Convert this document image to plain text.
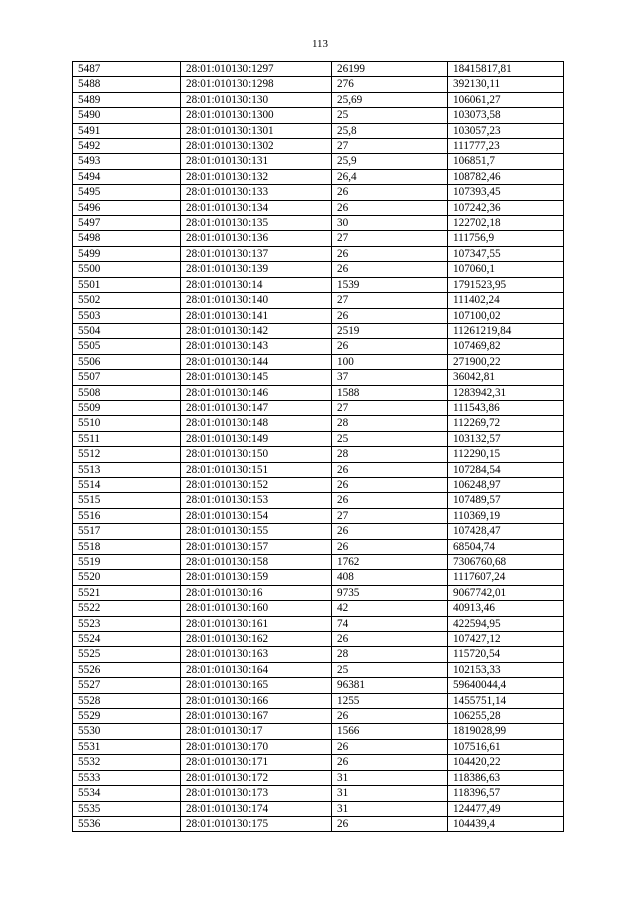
113
5487	28:01:010130:1297	26199	18415817,81
5488	28:01:010130:1298	276	392130,11
5489	28:01:010130:130	25,69	106061,27
5490	28:01:010130:1300	25	103073,58
5491	28:01:010130:1301	25,8	103057,23
5492	28:01:010130:1302	27	111777,23
5493	28:01:010130:131	25,9	106851,7
5494	28:01:010130:132	26,4	108782,46
5495	28:01:010130:133	26	107393,45
5496	28:01:010130:134	26	107242,36
5497	28:01:010130:135	30	122702,18
5498	28:01:010130:136	27	111756,9
5499	28:01:010130:137	26	107347,55
5500	28:01:010130:139	26	107060,1
5501	28:01:010130:14	1539	1791523,95
5502	28:01:010130:140	27	111402,24
5503	28:01:010130:141	26	107100,02
5504	28:01:010130:142	2519	11261219,84
5505	28:01:010130:143	26	107469,82
5506	28:01:010130:144	100	271900,22
5507	28:01:010130:145	37	36042,81
5508	28:01:010130:146	1588	1283942,31
5509	28:01:010130:147	27	111543,86
5510	28:01:010130:148	28	112269,72
5511	28:01:010130:149	25	103132,57
5512	28:01:010130:150	28	112290,15
5513	28:01:010130:151	26	107284,54
5514	28:01:010130:152	26	106248,97
5515	28:01:010130:153	26	107489,57
5516	28:01:010130:154	27	110369,19
5517	28:01:010130:155	26	107428,47
5518	28:01:010130:157	26	68504,74
5519	28:01:010130:158	1762	7306760,68
5520	28:01:010130:159	408	1117607,24
5521	28:01:010130:16	9735	9067742,01
5522	28:01:010130:160	42	40913,46
5523	28:01:010130:161	74	422594,95
5524	28:01:010130:162	26	107427,12
5525	28:01:010130:163	28	115720,54
5526	28:01:010130:164	25	102153,33
5527	28:01:010130:165	96381	59640044,4
5528	28:01:010130:166	1255	1455751,14
5529	28:01:010130:167	26	106255,28
5530	28:01:010130:17	1566	1819028,99
5531	28:01:010130:170	26	107516,61
5532	28:01:010130:171	26	104420,22
5533	28:01:010130:172	31	118386,63
5534	28:01:010130:173	31	118396,57
5535	28:01:010130:174	31	124477,49
5536	28:01:010130:175	26	104439,4
